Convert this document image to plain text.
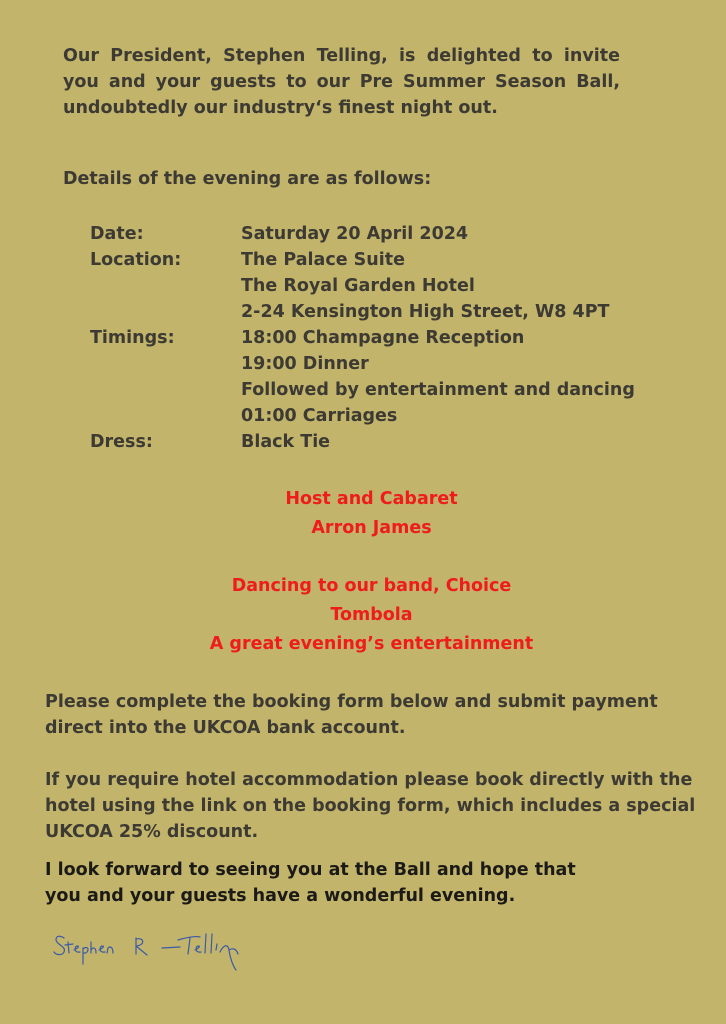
Our President, Stephen Telling, is delighted to invite you and your guests to our Pre Summer Season Ball, undoubtedly our industry‘s finest night out.

Details of the evening are as follows:

Date:	Saturday 20 April 2024
Location:	The Palace Suite
The Royal Garden Hotel
2-24 Kensington High Street, W8 4PT
Timings:	18:00 Champagne Reception
19:00 Dinner
Followed by entertainment and dancing
01:00 Carriages
Dress:	Black Tie

Host and Cabaret
Arron James

Dancing to our band, Choice
Tombola
A great evening’s entertainment

Please complete the booking form below and submit payment direct into the UKCOA bank account.

If you require hotel accommodation please book directly with the hotel using the link on the booking form, which includes a special UKCOA 25% discount.

I look forward to seeing you at the Ball and hope that you and your guests have a wonderful evening.
